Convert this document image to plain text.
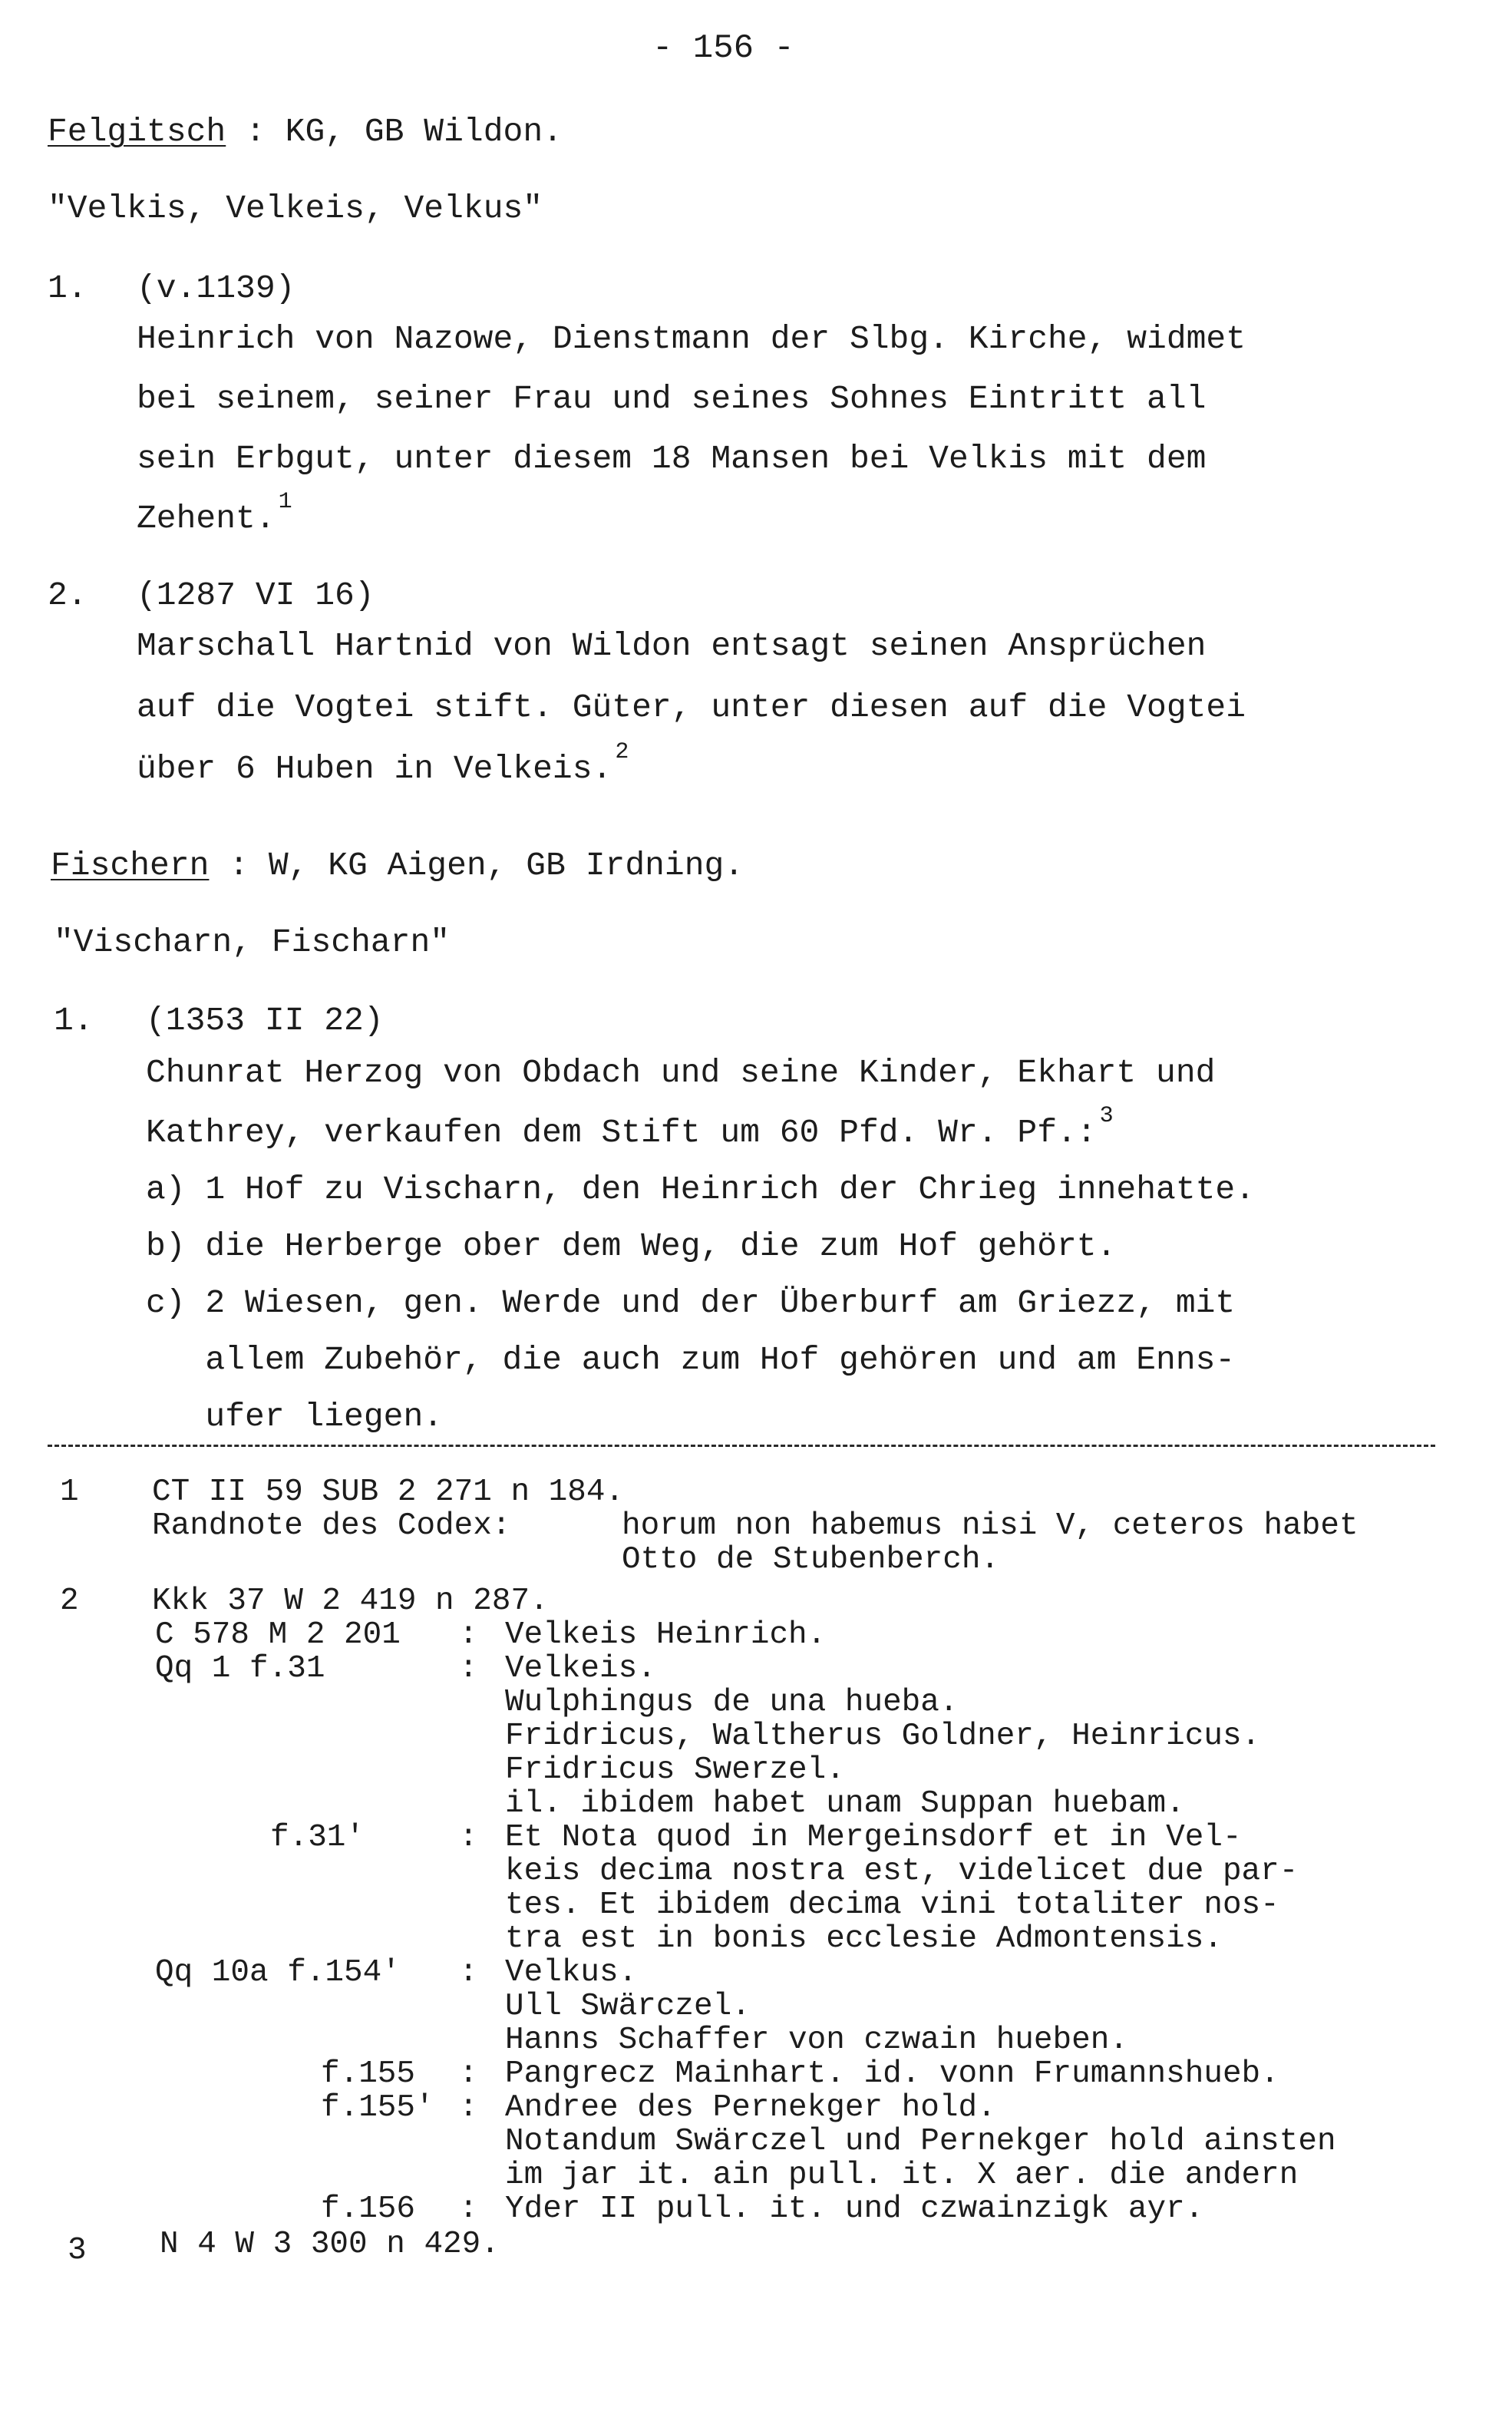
- 156 -
Felgitsch : KG, GB Wildon.
"Velkis, Velkeis, Velkus"
1. (v.1139)
Heinrich von Nazowe, Dienstmann der Slbg. Kirche, widmet
bei seinem, seiner Frau und seines Sohnes Eintritt all
sein Erbgut, unter diesem 18 Mansen bei Velkis mit dem
Zehent. $^1$
2. (1287 VI 16)
Marschall Hartnid von Wildon entsagt seinen Ansprüchen
auf die Vogtei stift. Güter, unter diesen auf die Vogtei
über 6 Huben in Velkeis. $^2$
Fischern : W, KG Aigen, GB Irdning.
"Vischarn, Fischarn"
1. (1353 II 22)
Chunrat Herzog von Obdach und seine Kinder, Ekhart und
Kathrey, verkaufen dem Stift um 60 Pfd. Wr. Pf.: $^3$
a) 1 Hof zu Vischarn, den Heinrich der Chrieg innehatte.
b) die Herberge ober dem Weg, die zum Hof gehört.
c) 2 Wiesen, gen. Werde und der Überburf am Griezz, mit
allem Zubehör, die auch zum Hof gehören und am Enns-
ufer liegen.
1 CT II 59 SUB 2 271 n 184.
Randnote des Codex:	horum non habemus nisi V, ceteros habet
Otto de Stubenberch.
2 Kkk 37 W 2 419 n 287.
C 578 M 2 201 : Velkeis Heinrich.
Qq 1 f.31	: Velkeis.
Wulphingus de una hueba.
Fridricus, Waltherus Goldner, Heinricus.
Fridricus Swerzel.
il. ibidem habet unam Suppan huebam.
f.31′	: Et Nota quod in Mergeinsdorf et in Vel-
keis decima nostra est, videlicet due par-
tes. Et ibidem decima vini totaliter nos-
tra est in bonis ecclesie Admontensis.
Qq 10a f.154′ : Velkus.
Ull Swärczel.
Hanns Schaffer von czwain hueben.
f.155 : Pangrecz Mainhart. id. vonn Frumannshueb.
f.155′ : Andree des Pernekger hold.
Notandum Swärczel und Pernekger hold ainsten
im jar it. ain pull. it. X aer. die andern
f.156 : Yder II pull. it. und czwainzigk ayr.
3 N 4 W 3 300 n 429.
